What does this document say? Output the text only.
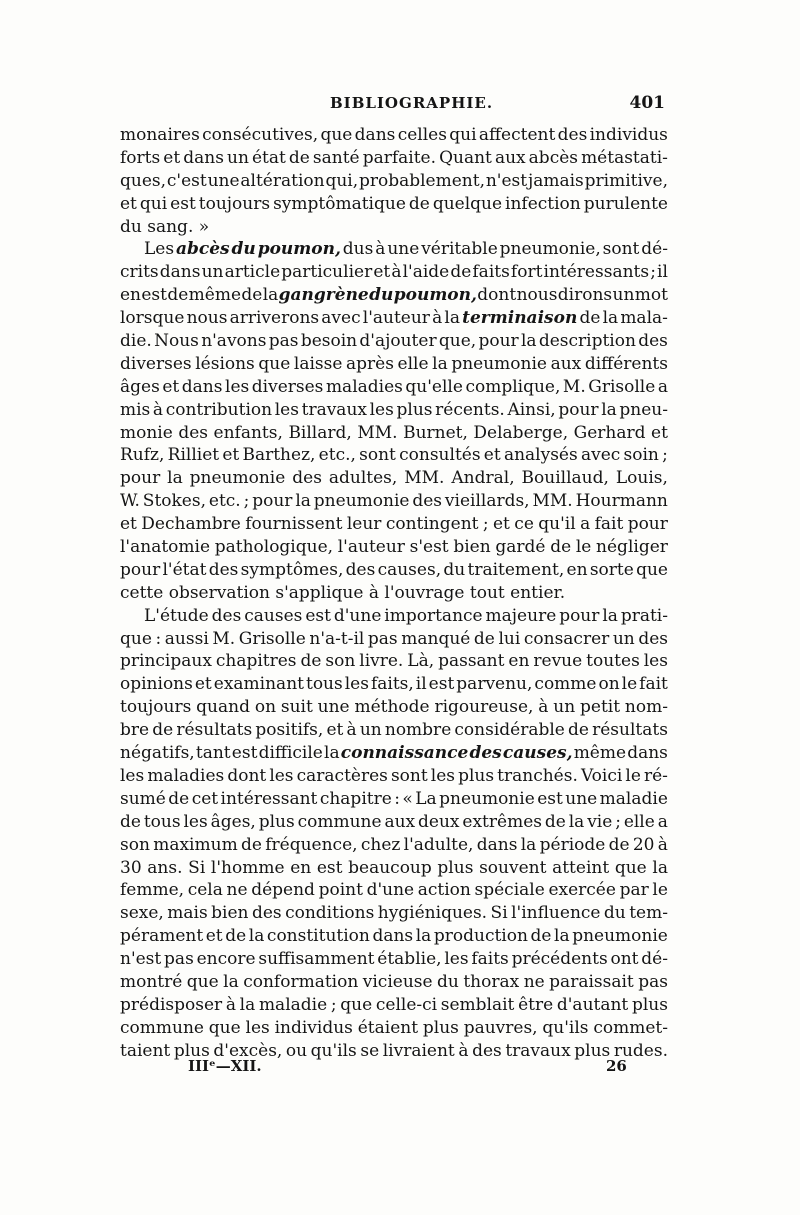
BIBLIOGRAPHIE.	401
monaires consécutives, que dans celles qui affectent des individus
forts et dans un état de santé parfaite. Quant aux abcès métastati-
ques, c'est une altération qui, probablement, n'est jamais primitive,
et qui est toujours symptômatique de quelque infection purulente
du
sang.
»
Les abcès du poumon, dus à une véritable pneumonie, sont dé-
crits dans un article particulier et à l'aide de faits fort intéressants ; il
en est de même de la gangrène du poumon, dont nous dirons un mot
lorsque nous arriverons avec l'auteur à la terminaison de la mala-
die. Nous n'avons pas besoin d'ajouter que, pour la description des
diverses lésions que laisse après elle la pneumonie aux différents
âges et dans les diverses maladies qu'elle complique, M. Grisolle a
mis à contribution les travaux les plus récents. Ainsi, pour la pneu-
monie des enfants, Billard, MM. Burnet, Delaberge, Gerhard et
Rufz, Rilliet et Barthez, etc., sont consultés et analysés avec soin ;
pour la pneumonie des adultes, MM. Andral, Bouillaud, Louis,
W. Stokes, etc. ; pour la pneumonie des vieillards, MM. Hourmann
et Dechambre fournissent leur contingent ; et ce qu'il a fait pour
l'anatomie pathologique, l'auteur s'est bien gardé de le négliger
pour l'état des symptômes, des causes, du traitement, en sorte que
cette
observation
s'applique
à
l'ouvrage
tout
entier.
L'étude des causes est d'une importance majeure pour la prati-
que : aussi M. Grisolle n'a-t-il pas manqué de lui consacrer un des
principaux chapitres de son livre. Là, passant en revue toutes les
opinions et examinant tous les faits, il est parvenu, comme on le fait
toujours quand on suit une méthode rigoureuse, à un petit nom-
bre de résultats positifs, et à un nombre considérable de résultats
négatifs, tant est difficile la connaissance des causes, même dans
les maladies dont les caractères sont les plus tranchés. Voici le ré-
sumé de cet intéressant chapitre : « La pneumonie est une maladie
de tous les âges, plus commune aux deux extrêmes de la vie ; elle a
son maximum de fréquence, chez l'adulte, dans la période de 20 à
30 ans. Si l'homme en est beaucoup plus souvent atteint que la
femme, cela ne dépend point d'une action spéciale exercée par le
sexe, mais bien des conditions hygiéniques. Si l'influence du tem-
pérament et de la constitution dans la production de la pneumonie
n'est pas encore suffisamment établie, les faits précédents ont dé-
montré que la conformation vicieuse du thorax ne paraissait pas
prédisposer à la maladie ; que celle-ci semblait être d'autant plus
commune que les individus étaient plus pauvres, qu'ils commet-
taient plus d'excès, ou qu'ils se livraient à des travaux plus rudes.
IIIᵉ—XII.	26
